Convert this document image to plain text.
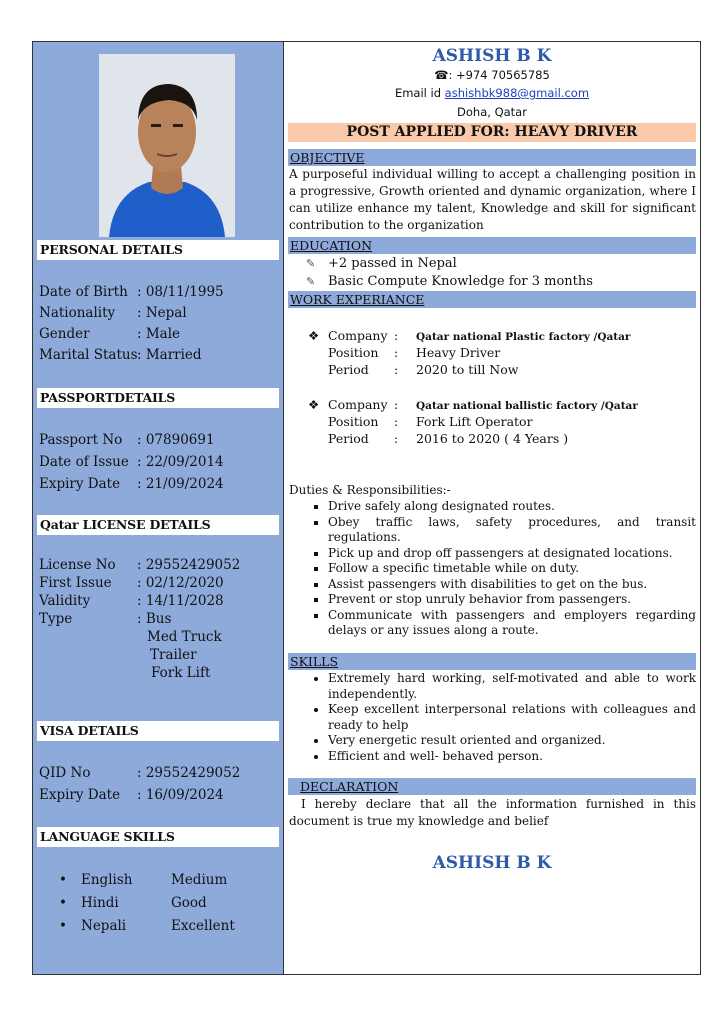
PERSONAL DETAILS
Date of Birth : 08/11/1995
Nationality : Nepal
Gender	: Male
Marital Status: Married
PASSPORTDETAILS
Passport No : 07890691
Date of Issue : 22/09/2014
Expiry Date : 21/09/2024
Qatar LICENSE DETAILS
License No : 29552429052
First Issue : 02/12/2020
Validity	: 14/11/2028
Type	: Bus
Med Truck
Trailer
Fork Lift
VISA DETAILS
QID No	: 29552429052
Expiry Date : 16/09/2024
LANGUAGE SKILLS
• English	Medium
• Hindi	Good
• Nepali	Excellent
ASHISH B K
☎: +974 70565785
Email id ashishbk988@gmail.com
Doha, Qatar
POST APPLIED FOR: HEAVY DRIVER
OBJECTIVE
A purposeful individual willing to accept a challenging position in a progressive, Growth oriented and dynamic organization, where I can utilize enhance my talent, Knowledge and skill for significant contribution to the organization
EDUCATION
✎ +2 passed in Nepal
✎ Basic Compute Knowledge for 3 months
WORK EXPERIANCE
❖ Company : Qatar national Plastic factory /Qatar
Position : Heavy Driver
Period : 2020 to till Now
❖ Company : Qatar national ballistic factory /Qatar
Position : Fork Lift Operator
Period : 2016 to 2020 ( 4 Years )
Duties & Responsibilities:-
▪ Drive safely along designated routes.
▪ Obey traffic laws, safety procedures, and transit regulations.
▪ Pick up and drop off passengers at designated locations.
▪ Follow a specific timetable while on duty.
▪ Assist passengers with disabilities to get on the bus.
▪ Prevent or stop unruly behavior from passengers.
▪ Communicate with passengers and employers regarding delays or any issues along a route.
SKILLS
• Extremely hard working, self-motivated and able to work independently.
• Keep excellent interpersonal relations with colleagues and ready to help
• Very energetic result oriented and organized.
• Efficient and well- behaved person.
DECLARATION
I hereby declare that all the information furnished in this document is true my knowledge and belief
ASHISH B K
